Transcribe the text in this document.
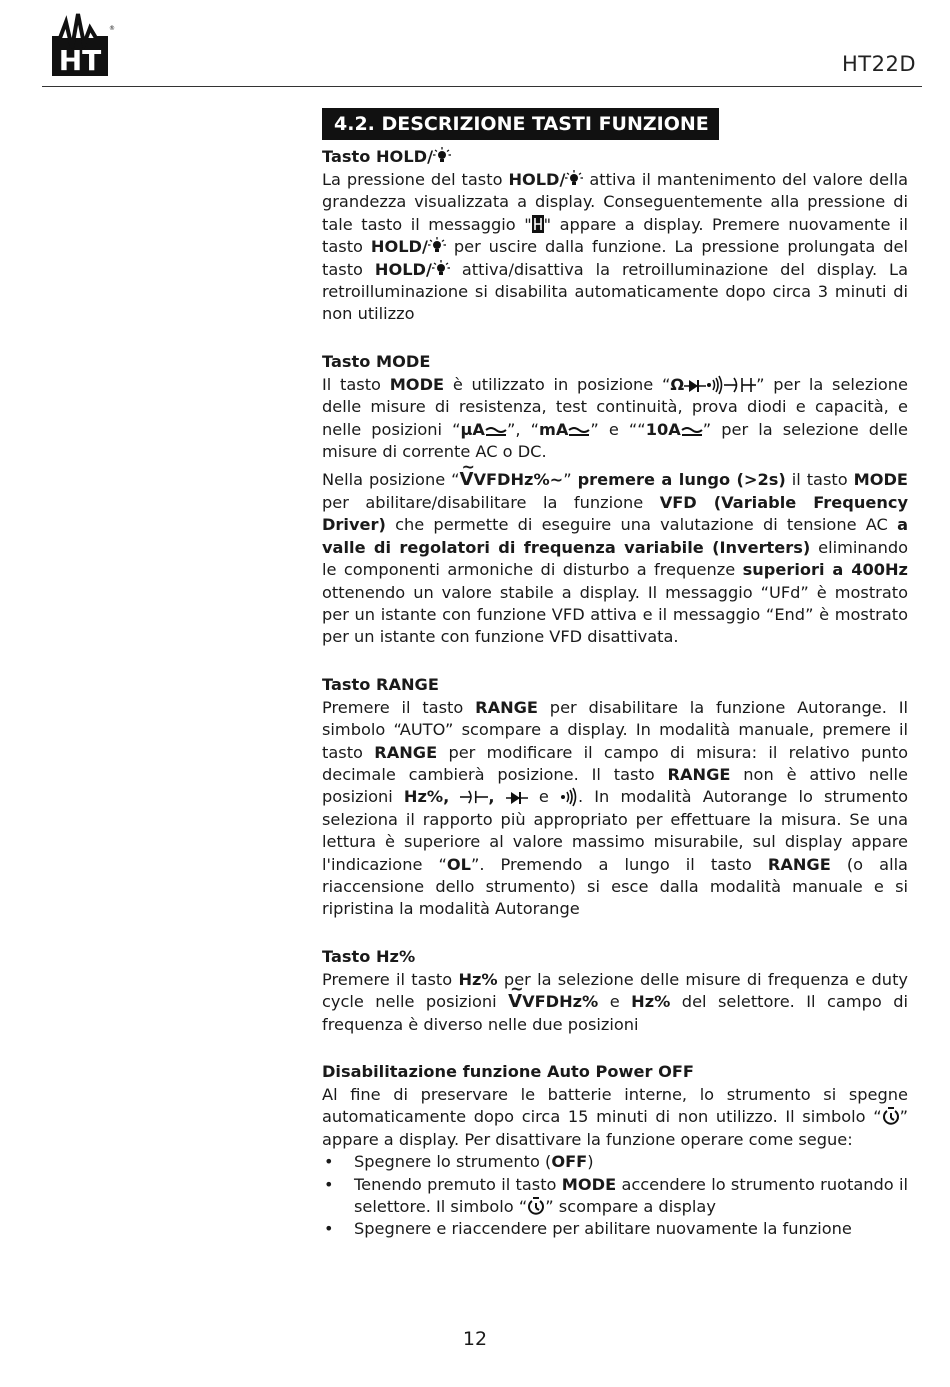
HT
®
HT22D
4.2. DESCRIZIONE TASTI FUNZIONE
Tasto HOLD/

La pressione del tasto HOLD/ attiva il mantenimento del valore della grandezza visualizzata a display. Conseguentemente alla pressione di tale tasto il messaggio " " appare a display. Premere nuovamente il tasto HOLD/ per uscire dalla funzione. La pressione prolungata del tasto HOLD/ attiva/disattiva la retroilluminazione del display. La retroilluminazione si disabilita automaticamente dopo circa 3 minuti di non utilizzo

Tasto MODE

Il tasto MODE è utilizzato in posizione “Ω	” per la selezione delle misure di resistenza, test continuità, prova diodi e capacità, e nelle posizioni “μA ”, “mA ” e ““10A ” per la selezione delle misure di corrente AC o DC.

Nella posizione “~ VVFDHz%~” premere a lungo (>2s) il tasto MODE per abilitare/disabilitare la funzione VFD (Variable Frequency Driver) che permette di eseguire una valutazione di tensione AC a valle di regolatori di frequenza variabile (Inverters) eliminando le componenti armoniche di disturbo a frequenze superiori a 400Hz ottenendo un valore stabile a display. Il messaggio “UFd” è mostrato per un istante con funzione VFD attiva e il messaggio “End” è mostrato per un istante con funzione VFD disattivata.

Tasto RANGE

Premere il tasto RANGE per disabilitare la funzione Autorange. Il simbolo “AUTO” scompare a display. In modalità manuale, premere il tasto RANGE per modificare il campo di misura: il relativo punto decimale cambierà posizione. Il tasto RANGE non è attivo nelle posizioni Hz%, ,  e . In modalità Autorange lo strumento seleziona il rapporto più appropriato per effettuare la misura. Se una lettura è superiore al valore massimo misurabile, sul display appare l'indicazione “OL”. Premendo a lungo il tasto RANGE (o alla riaccensione dello strumento) si esce dalla modalità manuale e si ripristina la modalità Autorange

Tasto Hz%

Premere il tasto Hz% per la selezione delle misure di frequenza e duty cycle nelle posizioni ~ VVFDHz% e Hz% del selettore. Il campo di frequenza è diverso nelle due posizioni

Disabilitazione funzione Auto Power OFF

Al fine di preservare le batterie interne, lo strumento si spegne automaticamente dopo circa 15 minuti di non utilizzo. Il simbolo “ ” appare a display. Per disattivare la funzione operare come segue:

• Spegnere lo strumento (OFF)
• Tenendo premuto il tasto MODE accendere lo strumento ruotando il selettore. Il simbolo “ ” scompare a display
• Spegnere e riaccendere per abilitare nuovamente la funzione
12
